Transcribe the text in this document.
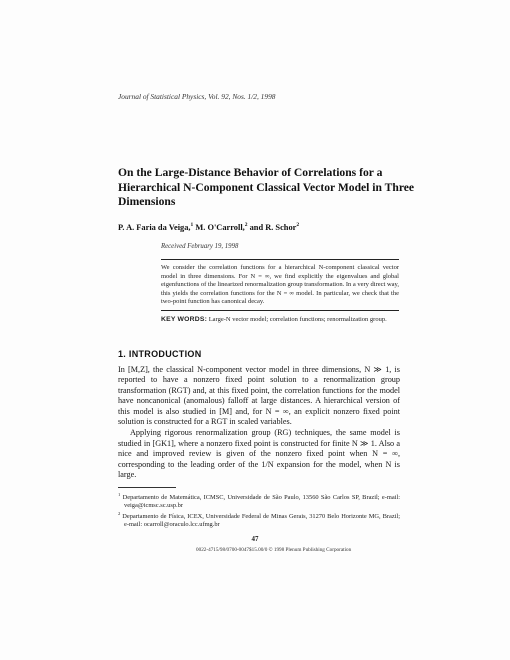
Journal of Statistical Physics, Vol. 92, Nos. 1/2, 1998
On the Large-Distance Behavior of Correlations for a Hierarchical N-Component Classical Vector Model in Three Dimensions
P. A. Faria da Veiga,$^1$ M. O'Carroll,$^2$ and R. Schor$^2$
Received February 19, 1998
We consider the correlation functions for a hierarchical N-component classical vector model in three dimensions. For N = ∞, we find explicitly the eigenvalues and global eigenfunctions of the linearized renormalization group transformation. In a very direct way, this yields the correlation functions for the N = ∞ model. In particular, we check that the two-point function has canonical decay.
KEY WORDS: Large-N vector model; correlation functions; renormalization group.
1. INTRODUCTION

In [M,Z], the classical N-component vector model in three dimensions, N ≫ 1, is reported to have a nonzero fixed point solution to a renormalization group transformation (RGT) and, at this fixed point, the correlation functions for the model have noncanonical (anomalous) falloff at large distances. A hierarchical version of this model is also studied in [M] and, for N = ∞, an explicit nonzero fixed point solution is constructed for a RGT in scaled variables.

Applying rigorous renormalization group (RG) techniques, the same model is studied in [GK1], where a nonzero fixed point is constructed for finite N ≫ 1. Also a nice and improved review is given of the nonzero fixed point when N = ∞, corresponding to the leading order of the 1/N expansion for the model, when N is large.

$^1$ Departamento de Matemática, ICMSC, Universidade de São Paulo, 13560 São Carlos SP, Brazil; e-mail: veiga@icmsc.sc.usp.br

$^2$ Departamento de Física, ICEX, Universidade Federal de Minas Gerais, 31270 Belo Horizonte MG, Brazil; e-mail: ocarroll@oraculo.lcc.ufmg.br

47
0022-4715/98/0700-0047$15.00/0 © 1998 Plenum Publishing Corporation
